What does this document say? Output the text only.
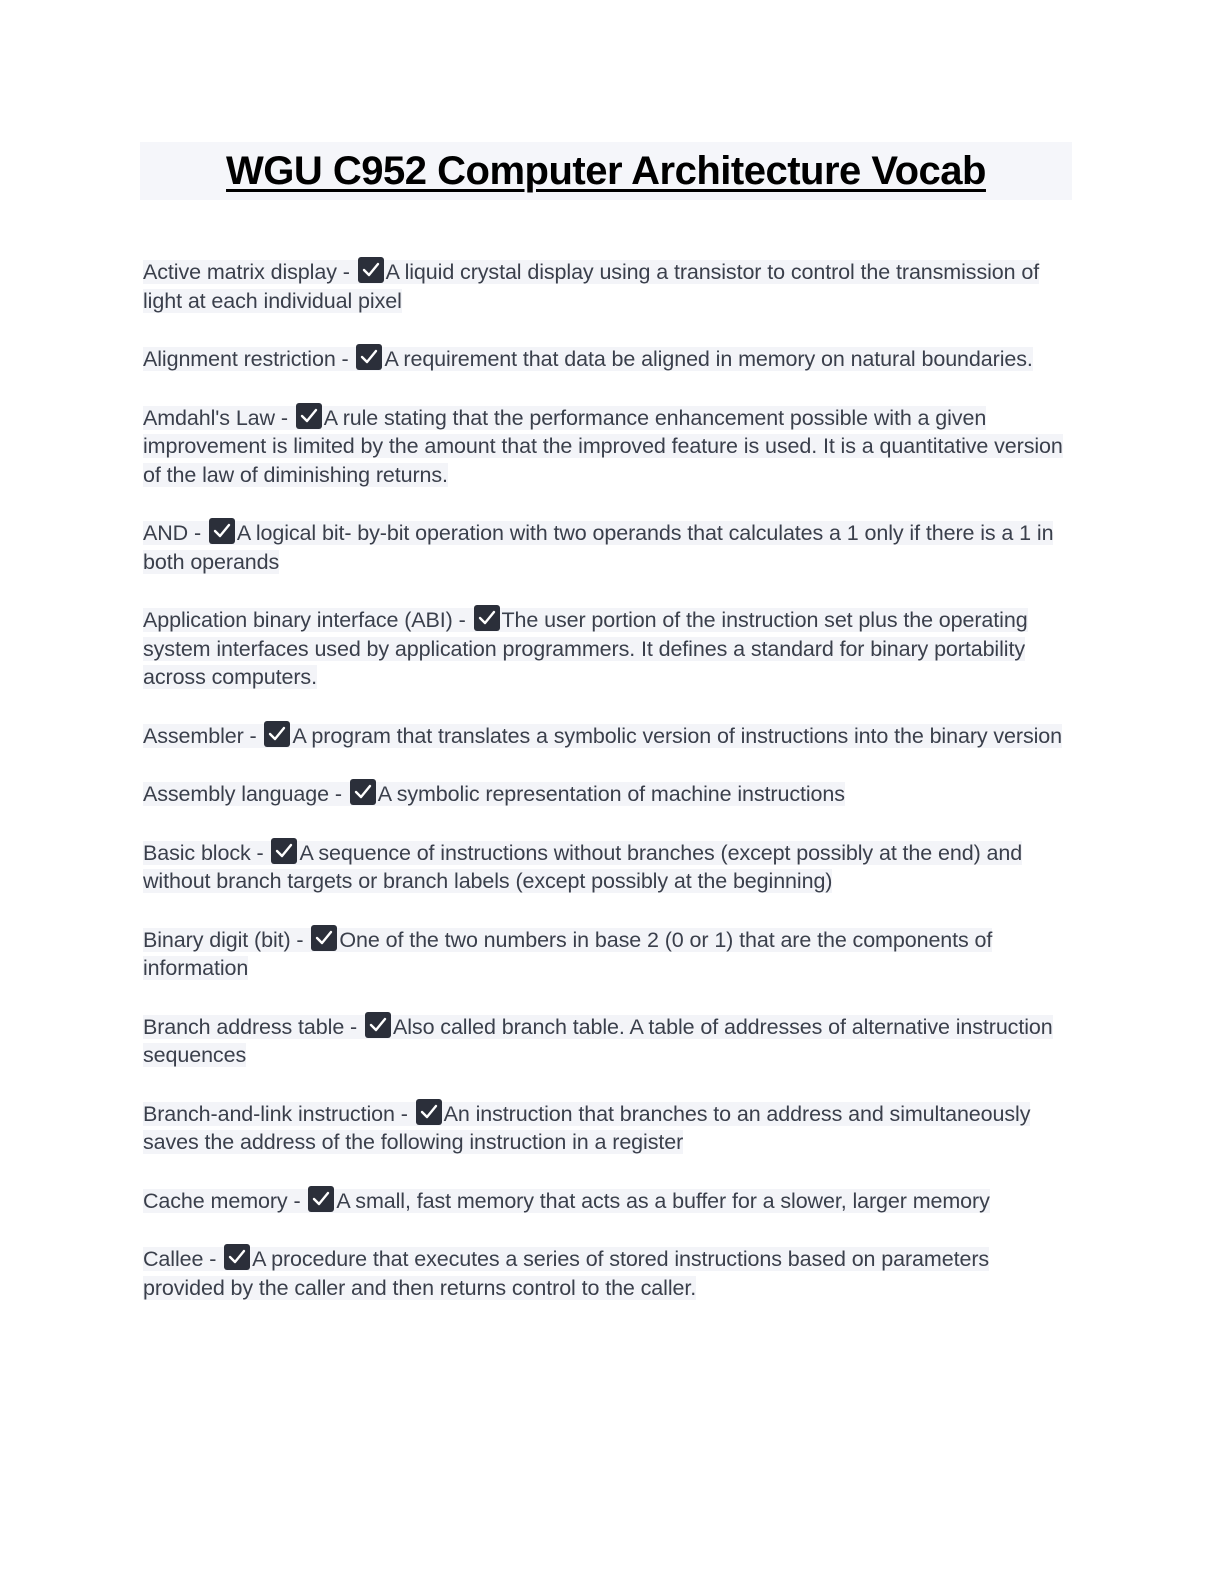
WGU C952 Computer Architecture Vocab
Active matrix display - A liquid crystal display using a transistor to control the transmission of light at each individual pixel
Alignment restriction - A requirement that data be aligned in memory on natural boundaries.
Amdahl's Law - A rule stating that the performance enhancement possible with a given improvement is limited by the amount that the improved feature is used. It is a quantitative version of the law of diminishing returns.
AND - A logical bit- by-bit operation with two operands that calculates a 1 only if there is a 1 in both operands
Application binary interface (ABI) - The user portion of the instruction set plus the operating system interfaces used by application programmers. It defines a standard for binary portability across computers.
Assembler - A program that translates a symbolic version of instructions into the binary version
Assembly language - A symbolic representation of machine instructions
Basic block - A sequence of instructions without branches (except possibly at the end) and without branch targets or branch labels (except possibly at the beginning)
Binary digit (bit) - One of the two numbers in base 2 (0 or 1) that are the components of information
Branch address table - Also called branch table. A table of addresses of alternative instruction sequences
Branch-and-link instruction - An instruction that branches to an address and simultaneously saves the address of the following instruction in a register
Cache memory - A small, fast memory that acts as a buffer for a slower, larger memory
Callee - A procedure that executes a series of stored instructions based on parameters provided by the caller and then returns control to the caller.
